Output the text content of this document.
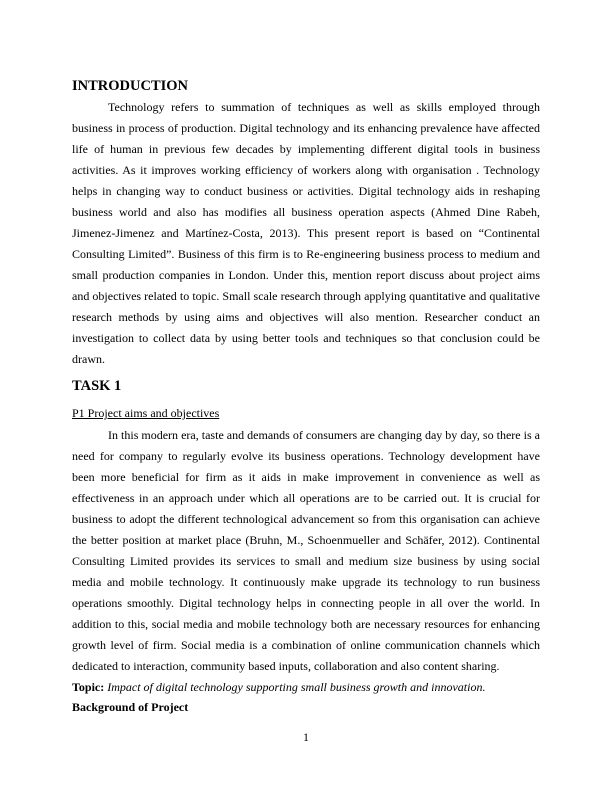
INTRODUCTION

Technology refers to summation of techniques as well as skills employed through business in process of production. Digital technology and its enhancing prevalence have affected life of human in previous few decades by implementing different digital tools in business activities. As it improves working efficiency of workers along with organisation . Technology helps in changing way to conduct business or activities. Digital technology aids in reshaping business world and also has modifies all business operation aspects (Ahmed Dine Rabeh, Jimenez-Jimenez and Martínez-Costa, 2013). This present report is based on “Continental Consulting Limited”. Business of this firm is to Re-engineering business process to medium and small production companies in London. Under this, mention report discuss about project aims and objectives related to topic. Small scale research through applying quantitative and qualitative research methods by using aims and objectives will also mention. Researcher conduct an investigation to collect data by using better tools and techniques so that conclusion could be drawn.

TASK 1
P1 Project aims and objectives

In this modern era, taste and demands of consumers are changing day by day, so there is a need for company to regularly evolve its business operations. Technology development have been more beneficial for firm as it aids in make improvement in convenience as well as effectiveness in an approach under which all operations are to be carried out. It is crucial for business to adopt the different technological advancement so from this organisation can achieve the better position at market place (Bruhn, M., Schoenmueller and Schäfer, 2012). Continental Consulting Limited provides its services to small and medium size business by using social media and mobile technology. It continuously make upgrade its technology to run business operations smoothly. Digital technology helps in connecting people in all over the world. In addition to this, social media and mobile technology both are necessary resources for enhancing growth level of firm. Social media is a combination of online communication channels which dedicated to interaction, community based inputs, collaboration and also content sharing.

Topic: Impact of digital technology supporting small business growth and innovation.
Background of Project
1
